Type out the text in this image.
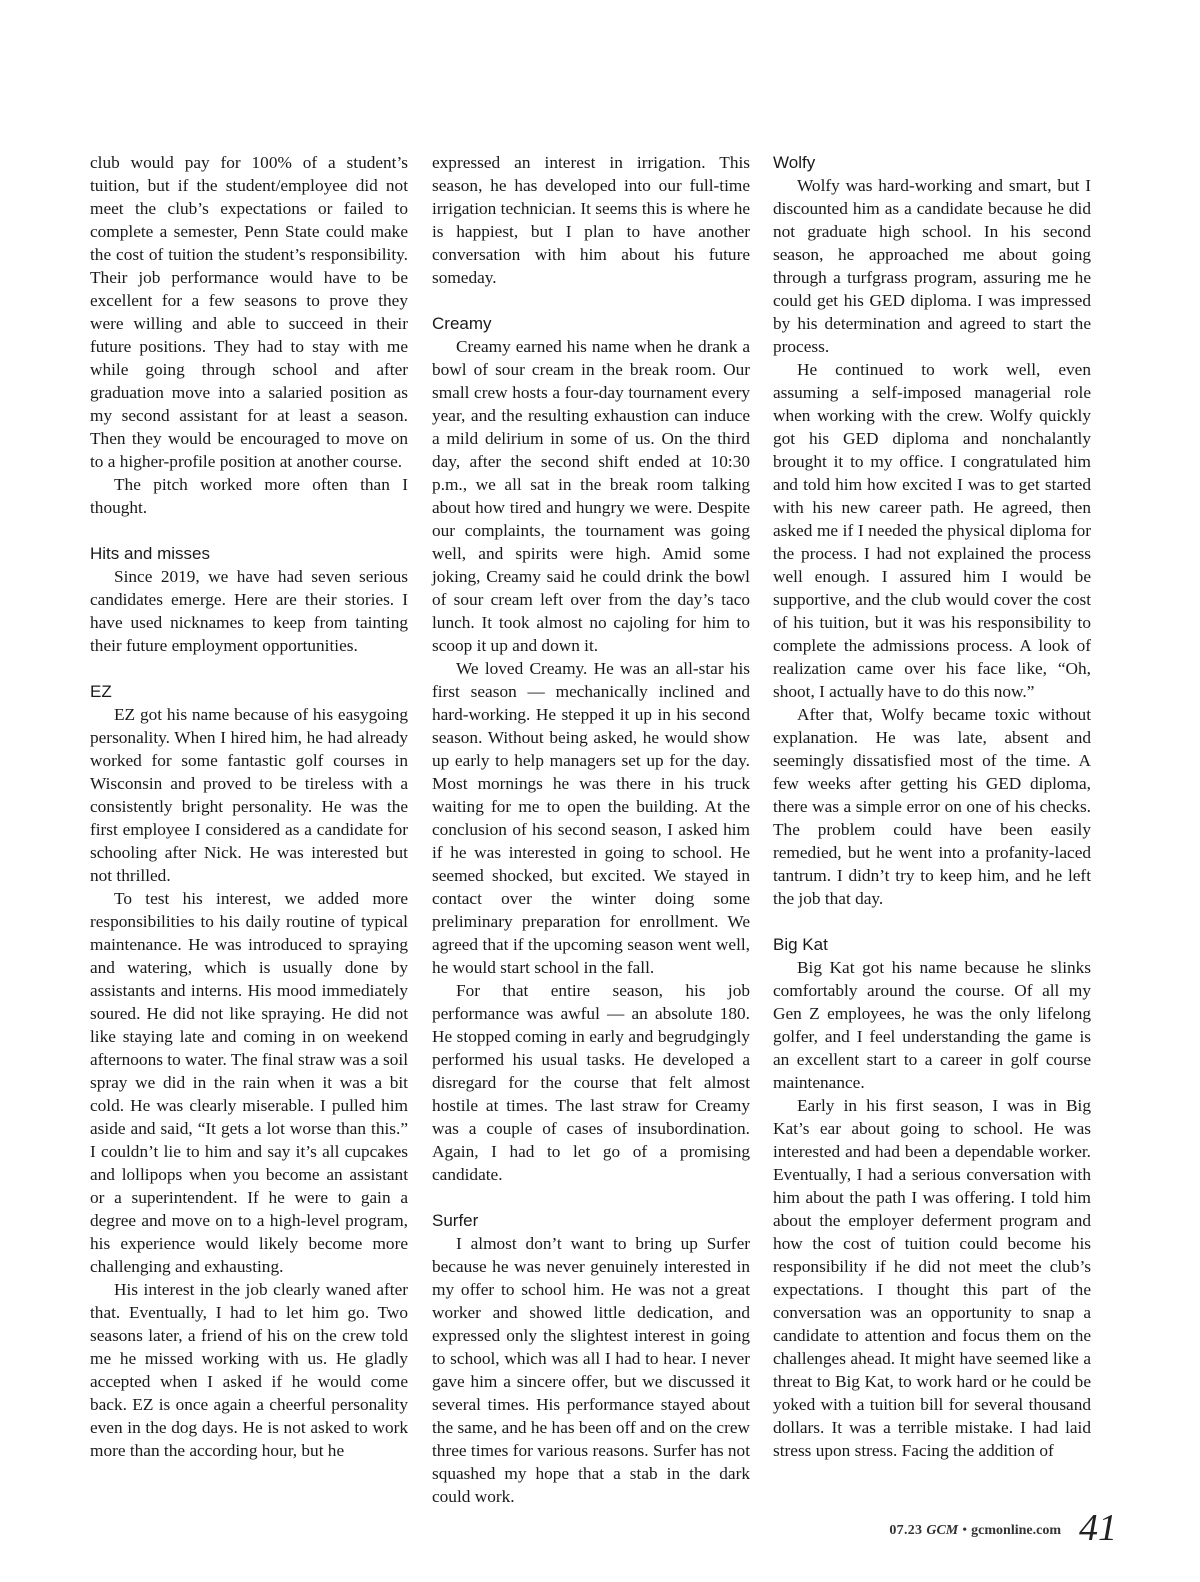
club would pay for 100% of a student’s tuition, but if the student/employee did not meet the club’s expectations or failed to complete a semester, Penn State could make the cost of tuition the student’s responsibility. Their job performance would have to be excellent for a few seasons to prove they were willing and able to succeed in their future positions. They had to stay with me while going through school and after graduation move into a salaried position as my second assistant for at least a season. Then they would be encouraged to move on to a higher-profile position at another course.

The pitch worked more often than I thought.

Hits and misses

Since 2019, we have had seven serious candidates emerge. Here are their stories. I have used nicknames to keep from tainting their future employment opportunities.

EZ

EZ got his name because of his easygoing personality. When I hired him, he had already worked for some fantastic golf courses in Wisconsin and proved to be tireless with a consistently bright personality. He was the first employee I considered as a candidate for schooling after Nick. He was interested but not thrilled.

To test his interest, we added more responsibilities to his daily routine of typical maintenance. He was introduced to spraying and watering, which is usually done by assistants and interns. His mood immediately soured. He did not like spraying. He did not like staying late and coming in on weekend afternoons to water. The final straw was a soil spray we did in the rain when it was a bit cold. He was clearly miserable. I pulled him aside and said, “It gets a lot worse than this.” I couldn’t lie to him and say it’s all cupcakes and lollipops when you become an assistant or a superintendent. If he were to gain a degree and move on to a high-level program, his experience would likely become more challenging and exhausting.

His interest in the job clearly waned after that. Eventually, I had to let him go. Two seasons later, a friend of his on the crew told me he missed working with us. He gladly accepted when I asked if he would come back. EZ is once again a cheerful personality even in the dog days. He is not asked to work more than the according hour, but he

expressed an interest in irrigation. This season, he has developed into our full-time irrigation technician. It seems this is where he is happiest, but I plan to have another conversation with him about his future someday.

Creamy

Creamy earned his name when he drank a bowl of sour cream in the break room. Our small crew hosts a four-day tournament every year, and the resulting exhaustion can induce a mild delirium in some of us. On the third day, after the second shift ended at 10:30 p.m., we all sat in the break room talking about how tired and hungry we were. Despite our complaints, the tournament was going well, and spirits were high. Amid some joking, Creamy said he could drink the bowl of sour cream left over from the day’s taco lunch. It took almost no cajoling for him to scoop it up and down it.

We loved Creamy. He was an all-star his first season — mechanically inclined and hard-working. He stepped it up in his second season. Without being asked, he would show up early to help managers set up for the day. Most mornings he was there in his truck waiting for me to open the building. At the conclusion of his second season, I asked him if he was interested in going to school. He seemed shocked, but excited. We stayed in contact over the winter doing some preliminary preparation for enrollment. We agreed that if the upcoming season went well, he would start school in the fall.

For that entire season, his job performance was awful — an absolute 180. He stopped coming in early and begrudgingly performed his usual tasks. He developed a disregard for the course that felt almost hostile at times. The last straw for Creamy was a couple of cases of insubordination. Again, I had to let go of a promising candidate.

Surfer

I almost don’t want to bring up Surfer because he was never genuinely interested in my offer to school him. He was not a great worker and showed little dedication, and expressed only the slightest interest in going to school, which was all I had to hear. I never gave him a sincere offer, but we discussed it several times. His performance stayed about the same, and he has been off and on the crew three times for various reasons. Surfer has not squashed my hope that a stab in the dark could work.

Wolfy

Wolfy was hard-working and smart, but I discounted him as a candidate because he did not graduate high school. In his second season, he approached me about going through a turfgrass program, assuring me he could get his GED diploma. I was impressed by his determination and agreed to start the process.

He continued to work well, even assuming a self-imposed managerial role when working with the crew. Wolfy quickly got his GED diploma and nonchalantly brought it to my office. I congratulated him and told him how excited I was to get started with his new career path. He agreed, then asked me if I needed the physical diploma for the process. I had not explained the process well enough. I assured him I would be supportive, and the club would cover the cost of his tuition, but it was his responsibility to complete the admissions process. A look of realization came over his face like, “Oh, shoot, I actually have to do this now.”

After that, Wolfy became toxic without explanation. He was late, absent and seemingly dissatisfied most of the time. A few weeks after getting his GED diploma, there was a simple error on one of his checks. The problem could have been easily remedied, but he went into a profanity-laced tantrum. I didn’t try to keep him, and he left the job that day.

Big Kat

Big Kat got his name because he slinks comfortably around the course. Of all my Gen Z employees, he was the only lifelong golfer, and I feel understanding the game is an excellent start to a career in golf course maintenance.

Early in his first season, I was in Big Kat’s ear about going to school. He was interested and had been a dependable worker. Eventually, I had a serious conversation with him about the path I was offering. I told him about the employer deferment program and how the cost of tuition could become his responsibility if he did not meet the club’s expectations. I thought this part of the conversation was an opportunity to snap a candidate to attention and focus them on the challenges ahead. It might have seemed like a threat to Big Kat, to work hard or he could be yoked with a tuition bill for several thousand dollars. It was a terrible mistake. I had laid stress upon stress. Facing the addition of

07.23 GCM • gcmonline.com 41
